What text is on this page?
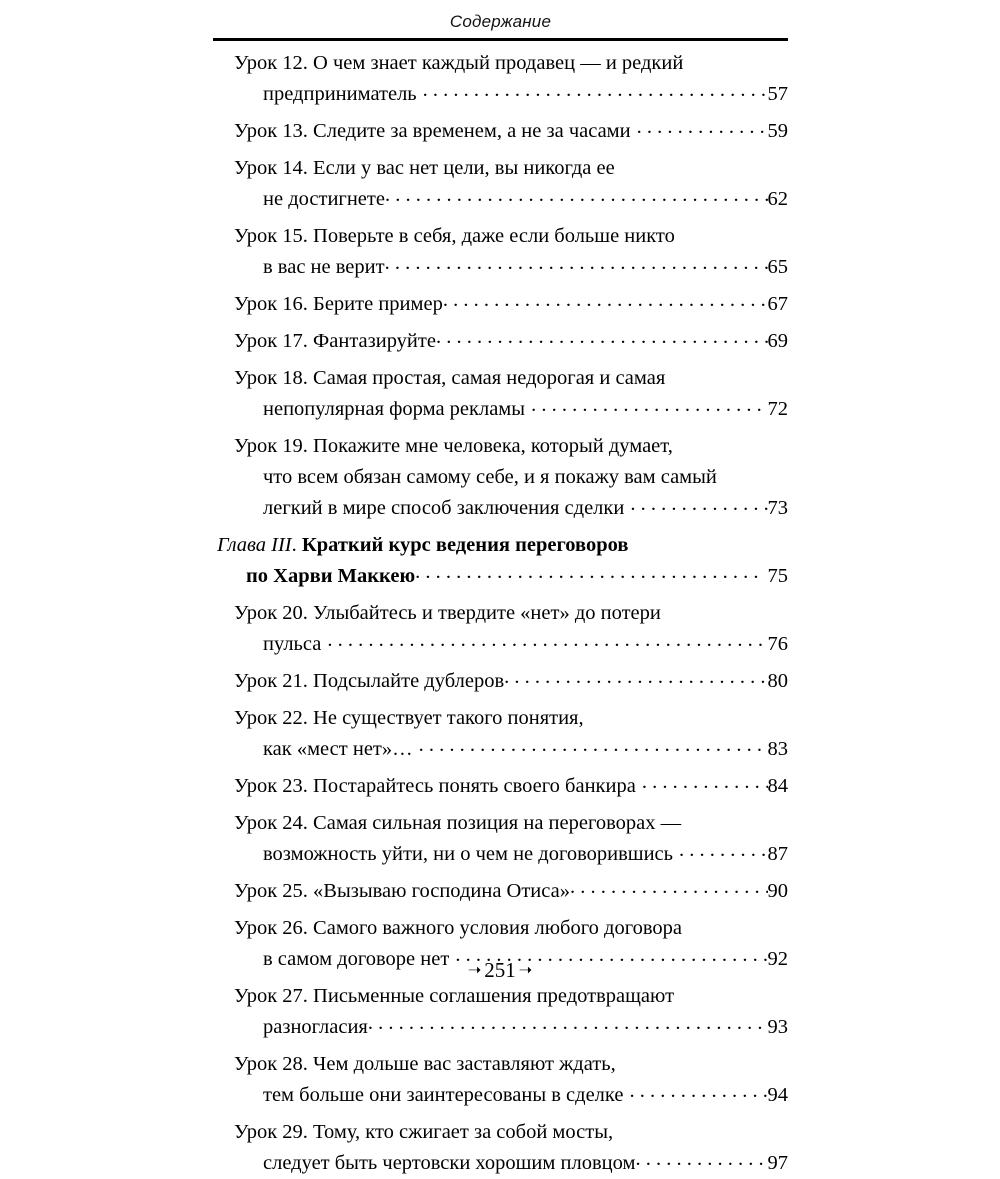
Содержание
Урок 12. О чем знает каждый продавец — и редкий
предприниматель . . .	57
Урок 13. Следите за временем, а не за часами . . .	59
Урок 14. Если у вас нет цели, вы никогда ее
не достигнете . . .	62
Урок 15. Поверьте в себя, даже если больше никто
в вас не верит . . .	65
Урок 16. Берите пример . . .	67
Урок 17. Фантазируйте . . .	69
Урок 18. Самая простая, самая недорогая и самая
непопулярная форма рекламы . . .	72
Урок 19. Покажите мне человека, который думает,
что всем обязан самому себе, и я покажу вам самый
легкий в мире способ заключения сделки . . .	73
Глава III . Краткий курс ведения переговоров
по Харви Маккею . . .	75
Урок 20. Улыбайтесь и твердите «нет» до потери
пульса . . .	76
Урок 21. Подсылайте дублеров . . .	80
Урок 22. Не существует такого понятия,
как «мест нет»… . . .	83
Урок 23. Постарайтесь понять своего банкира . . .	84
Урок 24. Самая сильная позиция на переговорах —
возможность уйти, ни о чем не договорившись . . .	87
Урок 25. «Вызываю господина Отиса» . . .	90
Урок 26. Самого важного условия любого договора
в самом договоре нет . . .	92
Урок 27. Письменные соглашения предотвращают
разногласия . . .	93
Урок 28. Чем дольше вас заставляют ждать,
тем больше они заинтересованы в сделке . . .	94
Урок 29. Тому, кто сжигает за собой мосты,
следует быть чертовски хорошим пловцом . . .	97
➝ 251 ➝
